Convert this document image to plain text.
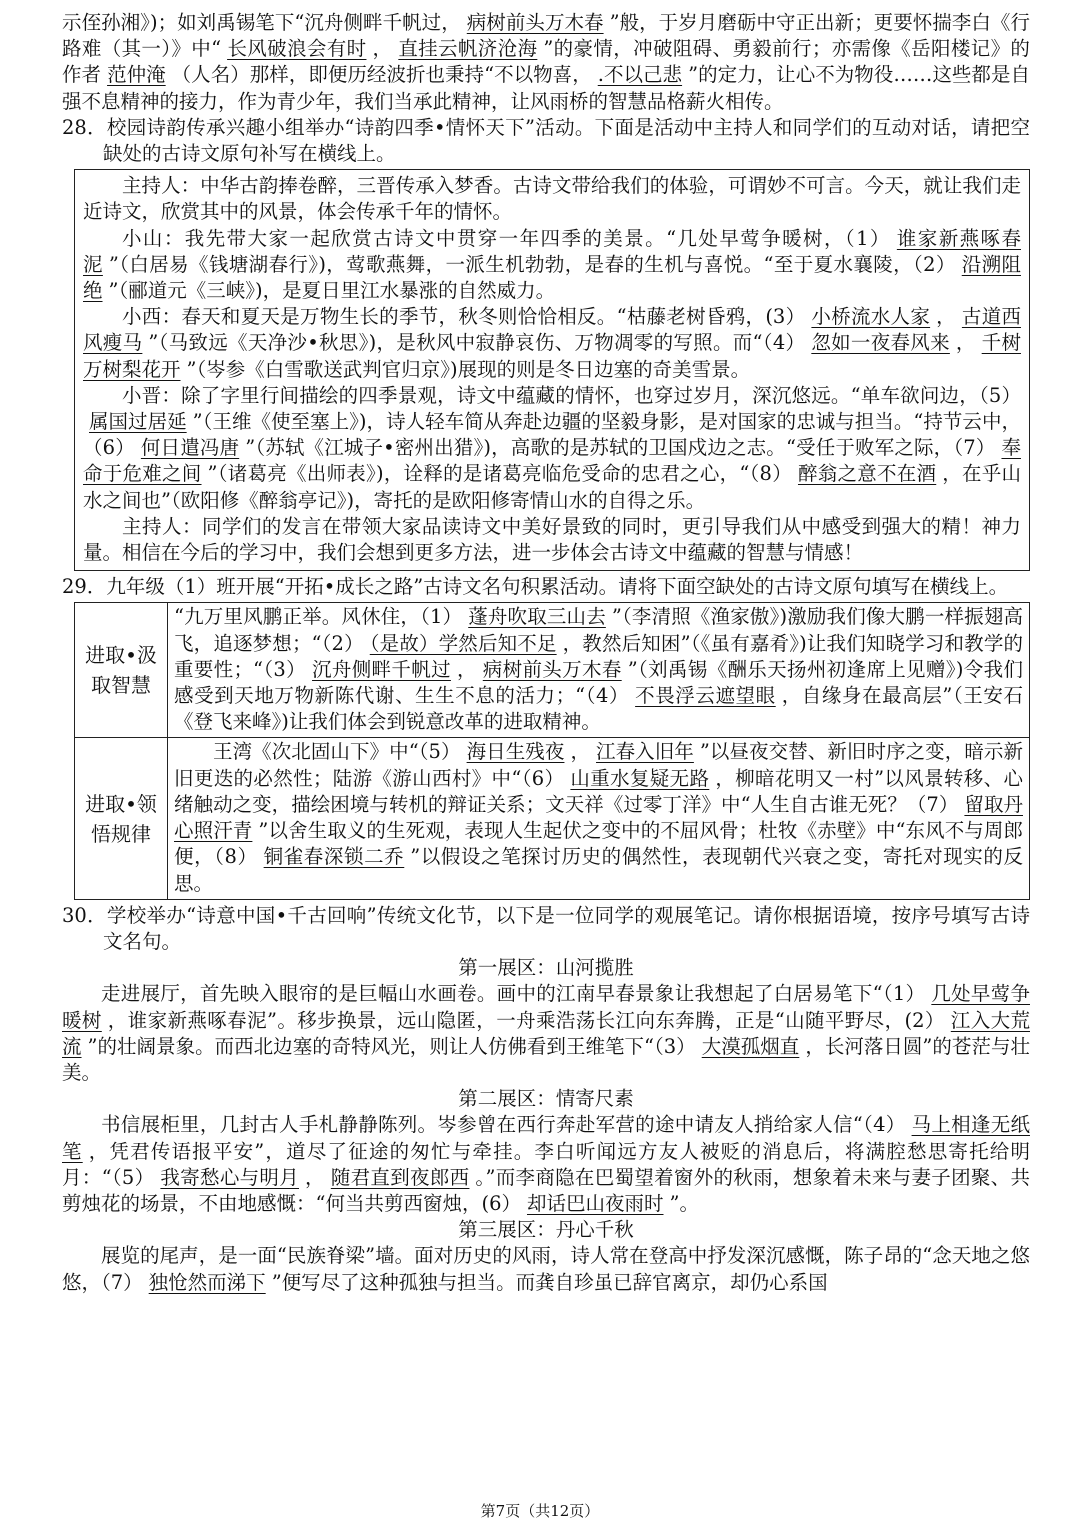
示侄孙湘》)；如刘禹锡笔下“沉舟侧畔千帆过， 病树前头万木春 ”般，于岁月磨砺中守正出新；更要怀揣李白《行路难（其一）》中“ 长风破浪会有时 ， 直挂云帆济沧海 ”的豪情，冲破阻碍、勇毅前行；亦需像《岳阳楼记》的作者 范仲淹 （人名）那样，即便历经波折也秉持“不以物喜， .不以己悲 ”的定力，让心不为物役……这些都是自强不息精神的接力，作为青少年，我们当承此精神，让风雨桥的智慧品格薪火相传。

28．校园诗韵传承兴趣小组举办“诗韵四季•情怀天下”活动。下面是活动中主持人和同学们的互动对话，请把空缺处的古诗文原句补写在横线上。

主持人：中华古韵捧卷醉，三晋传承入梦香。古诗文带给我们的体验，可谓妙不可言。今天，就让我们走近诗文，欣赏其中的风景，体会传承千年的情怀。

小山：我先带大家一起欣赏古诗文中贯穿一年四季的美景。“几处早莺争暖树，（1） 谁家新燕啄春泥 ”（白居易《钱塘湖春行》)，莺歌燕舞，一派生机勃勃，是春的生机与喜悦。“至于夏水襄陵，（2） 沿溯阻绝 ”（郦道元《三峡》)，是夏日里江水暴涨的自然威力。

小西：春天和夏天是万物生长的季节，秋冬则恰恰相反。“枯藤老树昏鸦，(3） 小桥流水人家 ， 古道西风瘦马 ”（马致远《天净沙•秋思》)，是秋风中寂静哀伤、万物凋零的写照。而“（4） 忽如一夜春风来 ， 千树万树梨花开 ”（岑参《白雪歌送武判官归京》)展现的则是冬日边塞的奇美雪景。

小晋：除了字里行间描绘的四季景观，诗文中蕴藏的情怀，也穿过岁月，深沉悠远。“单车欲问边，（5）属国过居延 ”（王维《使至塞上》)，诗人轻车简从奔赴边疆的坚毅身影，是对国家的忠诚与担当。“持节云中，（6） 何日遣冯唐 ”（苏轼《江城子•密州出猎》)，高歌的是苏轼的卫国戍边之志。“受任于败军之际，（7） 奉命于危难之间 ”（诸葛亮《出师表》)，诠释的是诸葛亮临危受命的忠君之心，“（8） 醉翁之意不在酒 ，在乎山水之间也”（欧阳修《醉翁亭记》)，寄托的是欧阳修寄情山水的自得之乐。

主持人：同学们的发言在带领大家品读诗文中美好景致的同时，更引导我们从中感受到强大的精！神力量。相信在今后的学习中，我们会想到更多方法，进一步体会古诗文中蕴藏的智慧与情感！

29．九年级（1）班开展“开拓•成长之路”古诗文名句积累活动。请将下面空缺处的古诗文原句填写在横线上。

进取•汲取智慧	“九万里风鹏正举。风休住，（1） 蓬舟吹取三山去 ”（李清照《渔家傲》)激励我们像大鹏一样振翅高飞，追逐梦想；“（2） （是故）学然后知不足 ，教然后知困”（《虽有嘉肴》)让我们知晓学习和教学的重要性；“（3） 沉舟侧畔千帆过 ， 病树前头万木春 ”（刘禹锡《酬乐天扬州初逢席上见赠》)令我们感受到天地万物新陈代谢、生生不息的活力；“（4） 不畏浮云遮望眼 ，自缘身在最高层”（王安石《登飞来峰》)让我们体会到锐意改革的进取精神。

进取•领悟规律	王湾《次北固山下》中“（5） 海日生残夜 ， 江春入旧年 ”以昼夜交替、新旧时序之变，暗示新旧更迭的必然性；陆游《游山西村》中“（6） 山重水复疑无路 ，柳暗花明又一村”以风景转移、心绪触动之变，描绘困境与转机的辩证关系；文天祥《过零丁洋》中“人生自古谁无死？（7） 留取丹心照汗青 ”以舍生取义的生死观，表现人生起伏之变中的不屈风骨；杜牧《赤壁》中“东风不与周郎便，（8） 铜雀春深锁二乔 ”以假设之笔探讨历史的偶然性，表现朝代兴衰之变，寄托对现实的反思。

30．学校举办“诗意中国•千古回响”传统文化节，以下是一位同学的观展笔记。请你根据语境，按序号填写古诗文名句。

第一展区：山河揽胜

走进展厅，首先映入眼帘的是巨幅山水画卷。画中的江南早春景象让我想起了白居易笔下“（1） 几处早莺争暖树 ，谁家新燕啄春泥”。移步换景，远山隐匿，一舟乘浩荡长江向东奔腾，正是“山随平野尽，(2） 江入大荒流 ”的壮阔景象。而西北边塞的奇特风光，则让人仿佛看到王维笔下“（3） 大漠孤烟直 ，长河落日圆”的苍茫与壮美。

第二展区：情寄尺素

书信展柜里，几封古人手札静静陈列。岑参曾在西行奔赴军营的途中请友人捎给家人信“（4） 马上相逢无纸笔 ，凭君传语报平安”，道尽了征途的匆忙与牵挂。李白听闻远方友人被贬的消息后，将满腔愁思寄托给明月：“（5） 我寄愁心与明月 ， 随君直到夜郎西 。”而李商隐在巴蜀望着窗外的秋雨，想象着未来与妻子团聚、共剪烛花的场景，不由地感慨：“何当共剪西窗烛，(6） 却话巴山夜雨时 ”。

第三展区：丹心千秋

展览的尾声，是一面“民族脊梁”墙。面对历史的风雨，诗人常在登高中抒发深沉感慨，陈子昂的“念天地之悠悠，（7） 独怆然而涕下 ”便写尽了这种孤独与担当。而龚自珍虽已辞官离京，却仍心系国

第7页（共12页）
